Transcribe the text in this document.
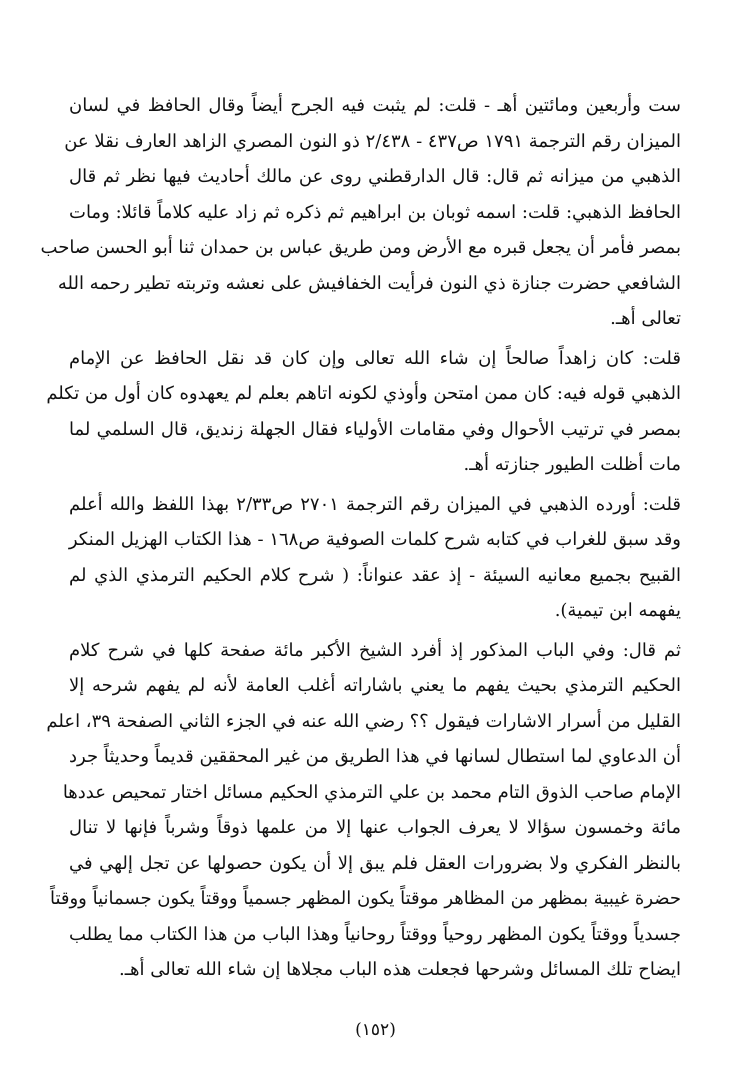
ست وأربعين ومائتين أهـ - قلت: لم يثبت فيه الجرح أيضاً وقال الحافظ في لسان
الميزان رقم الترجمة ١٧٩١ ص٤٣٧ - ٢/٤٣٨ ذو النون المصري الزاهد العارف نقلا عن
الذهبي من ميزانه ثم قال: قال الدارقطني روى عن مالك أحاديث فيها نظر ثم قال
الحافظ الذهبي: قلت: اسمه ثوبان بن ابراهيم ثم ذكره ثم زاد عليه كلاماً قائلا: ومات
بمصر فأمر أن يجعل قبره مع الأرض ومن طريق عباس بن حمدان ثنا أبو الحسن صاحب
الشافعي حضرت جنازة ذي النون فرأيت الخفافيش على نعشه وتربته تطير رحمه الله
تعالى أهـ.
قلت: كان زاهداً صالحاً إن شاء الله تعالى وإن كان قد نقل الحافظ عن الإمام
الذهبي قوله فيه: كان ممن امتحن وأوذي لكونه اتاهم بعلم لم يعهدوه كان أول من تكلم
بمصر في ترتيب الأحوال وفي مقامات الأولياء فقال الجهلة زنديق، قال السلمي لما
مات أظلت الطيور جنازته أهـ.
قلت: أورده الذهبي في الميزان رقم الترجمة ٢٧٠١ ص٢/٣٣ بهذا اللفظ والله أعلم
وقد سبق للغراب في كتابه شرح كلمات الصوفية ص١٦٨ - هذا الكتاب الهزيل المنكر
القبيح بجميع معانيه السيئة - إذ عقد عنواناً: ( شرح كلام الحكيم الترمذي الذي لم
يفهمه ابن تيمية).
ثم قال: وفي الباب المذكور إذ أفرد الشيخ الأكبر مائة صفحة كلها في شرح كلام
الحكيم الترمذي بحيث يفهم ما يعني باشاراته أغلب العامة لأنه لم يفهم شرحه إلا
القليل من أسرار الاشارات فيقول ؟؟ رضي الله عنه في الجزء الثاني الصفحة ٣٩، اعلم
أن الدعاوي لما استطال لسانها في هذا الطريق من غير المحققين قديماً وحديثاً جرد
الإمام صاحب الذوق التام محمد بن علي الترمذي الحكيم مسائل اختار تمحيص عددها
مائة وخمسون سؤالا لا يعرف الجواب عنها إلا من علمها ذوقاً وشرباً فإنها لا تنال
بالنظر الفكري ولا بضرورات العقل فلم يبق إلا أن يكون حصولها عن تجل إلهي في
حضرة غيبية بمظهر من المظاهر موقتاً يكون المظهر جسمياً ووقتاً يكون جسمانياً ووقتاً
جسدياً ووقتاً يكون المظهر روحياً ووقتاً روحانياً وهذا الباب من هذا الكتاب مما يطلب
ايضاح تلك المسائل وشرحها فجعلت هذه الباب مجلاها إن شاء الله تعالى أهـ.
(١٥٢)
